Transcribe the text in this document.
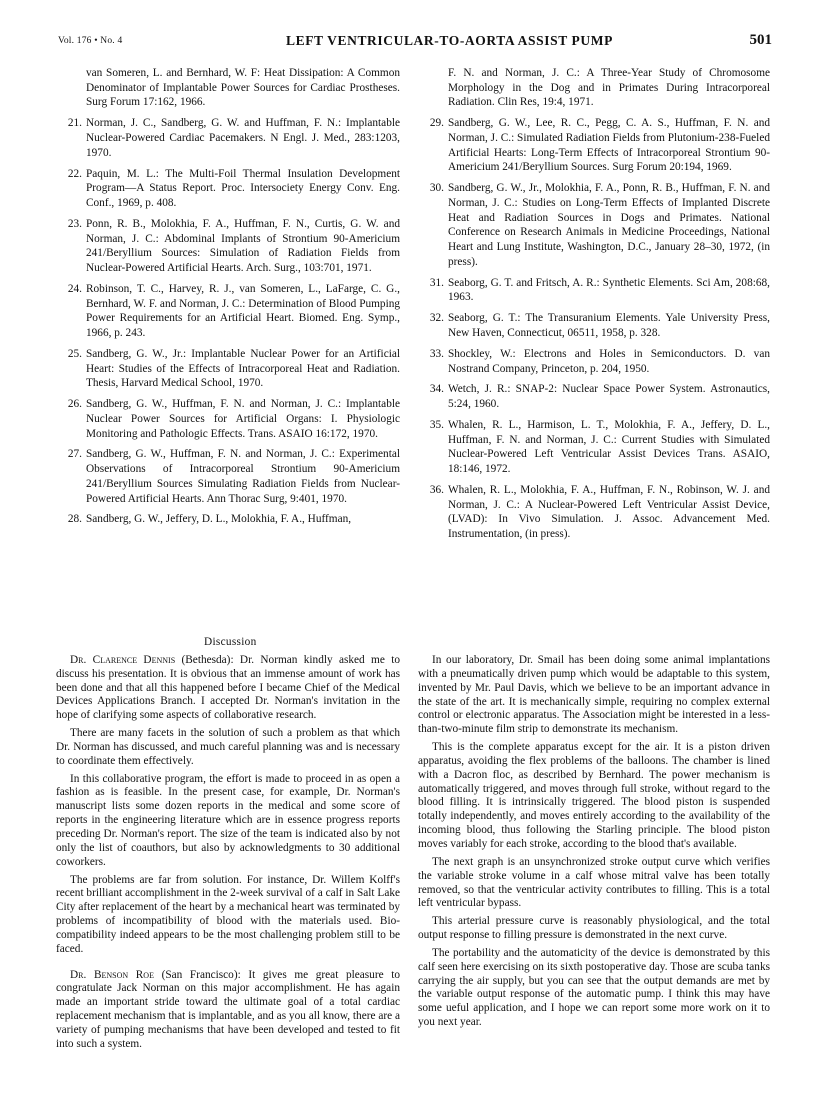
Vol. 176 • No. 4	LEFT VENTRICULAR-TO-AORTA ASSIST PUMP	501
van Someren, L. and Bernhard, W. F: Heat Dissipation: A Common Denominator of Implantable Power Sources for Cardiac Prostheses. Surg Forum 17:162, 1966.
21. Norman, J. C., Sandberg, G. W. and Huffman, F. N.: Implantable Nuclear-Powered Cardiac Pacemakers. N Engl. J. Med., 283:1203, 1970.
22. Paquin, M. L.: The Multi-Foil Thermal Insulation Development Program—A Status Report. Proc. Intersociety Energy Conv. Eng. Conf., 1969, p. 408.
23. Ponn, R. B., Molokhia, F. A., Huffman, F. N., Curtis, G. W. and Norman, J. C.: Abdominal Implants of Strontium 90-Americium 241/Beryllium Sources: Simulation of Radiation Fields from Nuclear-Powered Artificial Hearts. Arch. Surg., 103:701, 1971.
24. Robinson, T. C., Harvey, R. J., van Someren, L., LaFarge, C. G., Bernhard, W. F. and Norman, J. C.: Determination of Blood Pumping Power Requirements for an Artificial Heart. Biomed. Eng. Symp., 1966, p. 243.
25. Sandberg, G. W., Jr.: Implantable Nuclear Power for an Artificial Heart: Studies of the Effects of Intracorporeal Heat and Radiation. Thesis, Harvard Medical School, 1970.
26. Sandberg, G. W., Huffman, F. N. and Norman, J. C.: Implantable Nuclear Power Sources for Artificial Organs: I. Physiologic Monitoring and Pathologic Effects. Trans. ASAIO 16:172, 1970.
27. Sandberg, G. W., Huffman, F. N. and Norman, J. C.: Experimental Observations of Intracorporeal Strontium 90-Americium 241/Beryllium Sources Simulating Radiation Fields from Nuclear-Powered Artificial Hearts. Ann Thorac Surg, 9:401, 1970.
28. Sandberg, G. W., Jeffery, D. L., Molokhia, F. A., Huffman,
F. N. and Norman, J. C.: A Three-Year Study of Chromosome Morphology in the Dog and in Primates During Intracorporeal Radiation. Clin Res, 19:4, 1971.
29. Sandberg, G. W., Lee, R. C., Pegg, C. A. S., Huffman, F. N. and Norman, J. C.: Simulated Radiation Fields from Plutonium-238-Fueled Artificial Hearts: Long-Term Effects of Intracorporeal Strontium 90-Americium 241/Beryllium Sources. Surg Forum 20:194, 1969.
30. Sandberg, G. W., Jr., Molokhia, F. A., Ponn, R. B., Huffman, F. N. and Norman, J. C.: Studies on Long-Term Effects of Implanted Discrete Heat and Radiation Sources in Dogs and Primates. National Conference on Research Animals in Medicine Proceedings, National Heart and Lung Institute, Washington, D.C., January 28–30, 1972, (in press).
31. Seaborg, G. T. and Fritsch, A. R.: Synthetic Elements. Sci Am, 208:68, 1963.
32. Seaborg, G. T.: The Transuranium Elements. Yale University Press, New Haven, Connecticut, 06511, 1958, p. 328.
33. Shockley, W.: Electrons and Holes in Semiconductors. D. van Nostrand Company, Princeton, p. 204, 1950.
34. Wetch, J. R.: SNAP-2: Nuclear Space Power System. Astronautics, 5:24, 1960.
35. Whalen, R. L., Harmison, L. T., Molokhia, F. A., Jeffery, D. L., Huffman, F. N. and Norman, J. C.: Current Studies with Simulated Nuclear-Powered Left Ventricular Assist Devices Trans. ASAIO, 18:146, 1972.
36. Whalen, R. L., Molokhia, F. A., Huffman, F. N., Robinson, W. J. and Norman, J. C.: A Nuclear-Powered Left Ventricular Assist Device, (LVAD): In Vivo Simulation. J. Assoc. Advancement Med. Instrumentation, (in press).
Discussion

Dr. Clarence Dennis (Bethesda): Dr. Norman kindly asked me to discuss his presentation. It is obvious that an immense amount of work has been done and that all this happened before I became Chief of the Medical Devices Applications Branch. I accepted Dr. Norman's invitation in the hope of clarifying some aspects of collaborative research.

There are many facets in the solution of such a problem as that which Dr. Norman has discussed, and much careful planning was and is necessary to coordinate them effectively.

In this collaborative program, the effort is made to proceed in as open a fashion as is feasible. In the present case, for example, Dr. Norman's manuscript lists some dozen reports in the medical and some score of reports in the engineering literature which are in essence progress reports preceding Dr. Norman's report. The size of the team is indicated also by not only the list of coauthors, but also by acknowledgments to 30 additional coworkers.

The problems are far from solution. For instance, Dr. Willem Kolff's recent brilliant accomplishment in the 2-week survival of a calf in Salt Lake City after replacement of the heart by a mechanical heart was terminated by problems of incompatibility of blood with the materials used. Bio-compatibility indeed appears to be the most challenging problem still to be faced.

Dr. Benson Roe (San Francisco): It gives me great pleasure to congratulate Jack Norman on this major accomplishment. He has again made an important stride toward the ultimate goal of a total cardiac replacement mechanism that is implantable, and as you all know, there are a variety of pumping mechanisms that have been developed and tested to fit into such a system.

In our laboratory, Dr. Smail has been doing some animal implantations with a pneumatically driven pump which would be adaptable to this system, invented by Mr. Paul Davis, which we believe to be an important advance in the state of the art. It is mechanically simple, requiring no complex external control or electronic apparatus. The Association might be interested in a less-than-two-minute film strip to demonstrate its mechanism.

This is the complete apparatus except for the air. It is a piston driven apparatus, avoiding the flex problems of the balloons. The chamber is lined with a Dacron floc, as described by Bernhard. The power mechanism is automatically triggered, and moves through full stroke, without regard to the blood filling. It is intrinsically triggered. The blood piston is suspended totally independently, and moves entirely according to the availability of the incoming blood, thus following the Starling principle. The blood piston moves variably for each stroke, according to the blood that's available.

The next graph is an unsynchronized stroke output curve which verifies the variable stroke volume in a calf whose mitral valve has been totally removed, so that the ventricular activity contributes to filling. This is a total left ventricular bypass.

This arterial pressure curve is reasonably physiological, and the total output response to filling pressure is demonstrated in the next curve.

The portability and the automaticity of the device is demonstrated by this calf seen here exercising on its sixth postoperative day. Those are scuba tanks carrying the air supply, but you can see that the output demands are met by the variable output response of the automatic pump. I think this may have some ueful application, and I hope we can report some more work on it to you next year.
